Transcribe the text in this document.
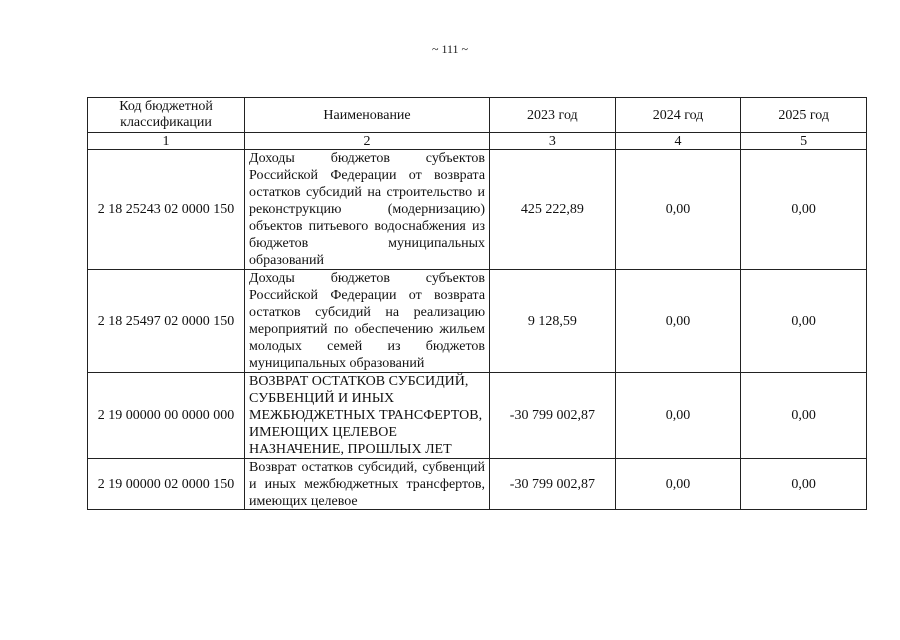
~ 111 ~
Код бюджетной классификации	Наименование	2023 год	2024 год	2025 год
1	2	3	4	5
2 18 25243 02 0000 150	Доходы бюджетов субъектов Российской Федерации от возврата остатков субсидий на строительство и реконструкцию (модернизацию) объектов питьевого водоснабжения из бюджетов муниципальных образований	425 222,89	0,00	0,00
2 18 25497 02 0000 150	Доходы бюджетов субъектов Российской Федерации от возврата остатков субсидий на реализацию мероприятий по обеспечению жильем молодых семей из бюджетов муниципальных образований	9 128,59	0,00	0,00
2 19 00000 00 0000 000	ВОЗВРАТ ОСТАТКОВ СУБСИДИЙ, СУБВЕНЦИЙ И ИНЫХ МЕЖБЮДЖЕТНЫХ ТРАНСФЕРТОВ, ИМЕЮЩИХ ЦЕЛЕВОЕ НАЗНАЧЕНИЕ, ПРОШЛЫХ ЛЕТ	-30 799 002,87	0,00	0,00
2 19 00000 02 0000 150	Возврат остатков субсидий, субвенций и иных межбюджетных трансфертов, имеющих целевое	-30 799 002,87	0,00	0,00
